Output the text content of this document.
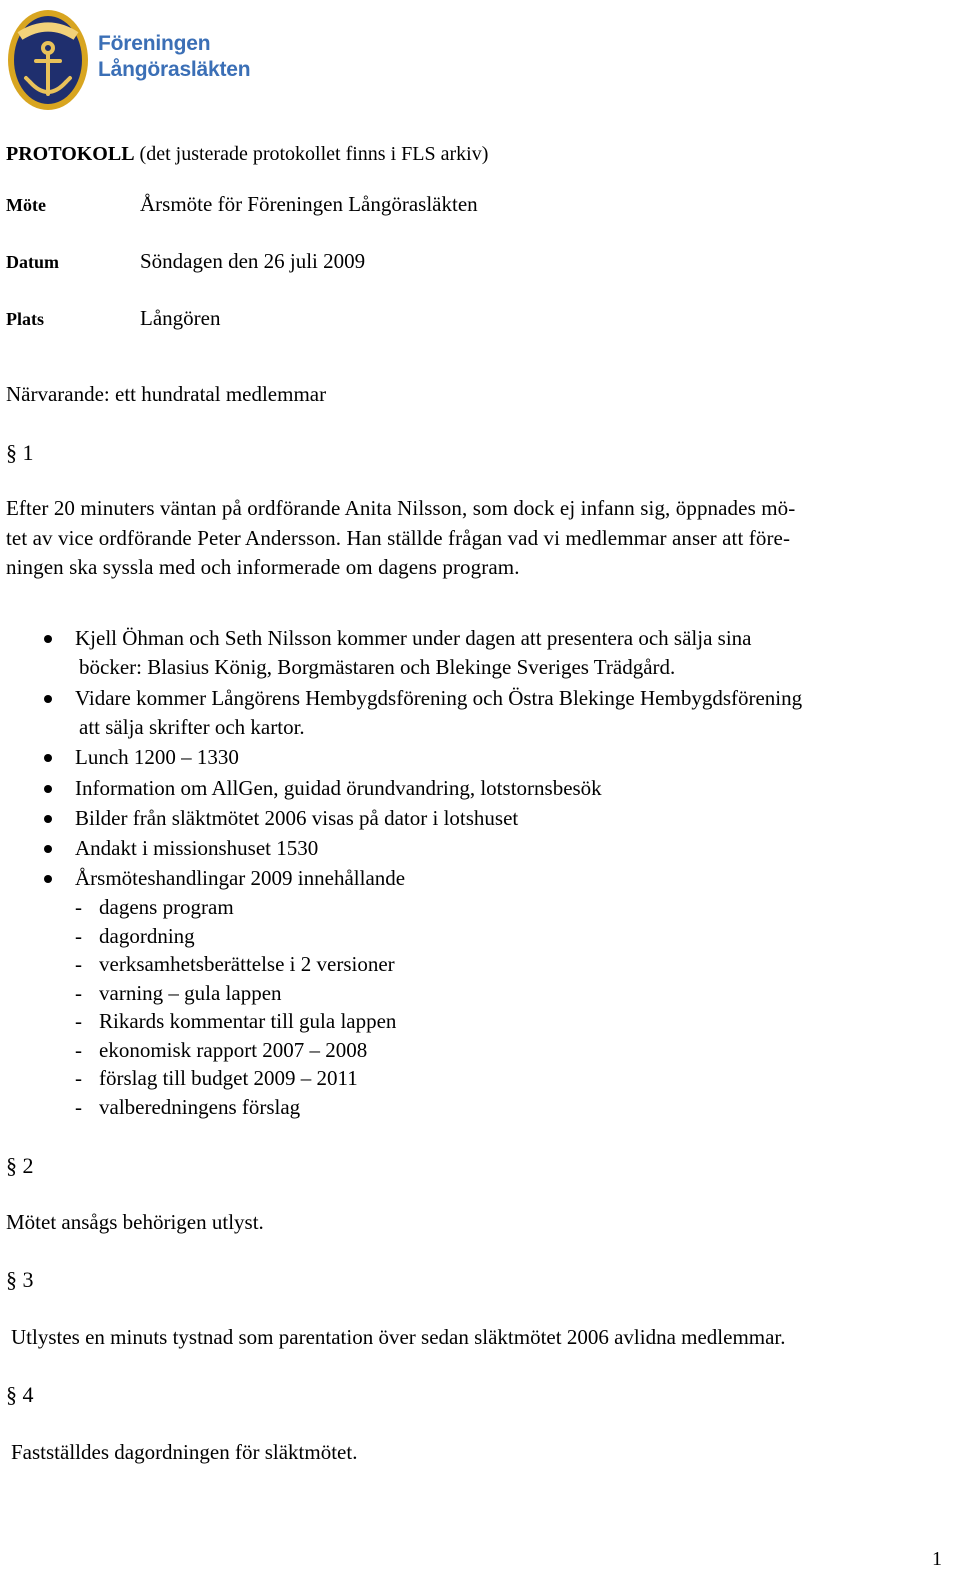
Föreningen
Långörasläkten
PROTOKOLL (det justerade protokollet finns i FLS arkiv)
Möte	Årsmöte för Föreningen Långörasläkten
Datum	Söndagen den 26 juli 2009
Plats	Långören
Närvarande: ett hundratal medlemmar
§ 1
Efter 20 minuters väntan på ordförande Anita Nilsson, som dock ej infann sig, öppnades mö-
tet av vice ordförande Peter Andersson. Han ställde frågan vad vi medlemmar anser att före-
ningen ska syssla med och informerade om dagens program.
Kjell Öhman och Seth Nilsson kommer under dagen att presentera och sälja sina
böcker: Blasius König, Borgmästaren och Blekinge Sveriges Trädgård.
Vidare kommer Långörens Hembygdsförening och Östra Blekinge Hembygdsförening
att sälja skrifter och kartor.
Lunch 1200 – 1330
Information om AllGen, guidad örundvandring, lotstornsbesök
Bilder från släktmötet 2006 visas på dator i lotshuset
Andakt i missionshuset 1530
Årsmöteshandlingar 2009 innehållande
- dagens program
- dagordning
- verksamhetsberättelse i 2 versioner
- varning – gula lappen
- Rikards kommentar till gula lappen
- ekonomisk rapport 2007 – 2008
- förslag till budget 2009 – 2011
- valberedningens förslag
§ 2
Mötet ansågs behörigen utlyst.
§ 3
Utlystes en minuts tystnad som parentation över sedan släktmötet 2006 avlidna medlemmar.
§ 4
Fastställdes dagordningen för släktmötet.
1
